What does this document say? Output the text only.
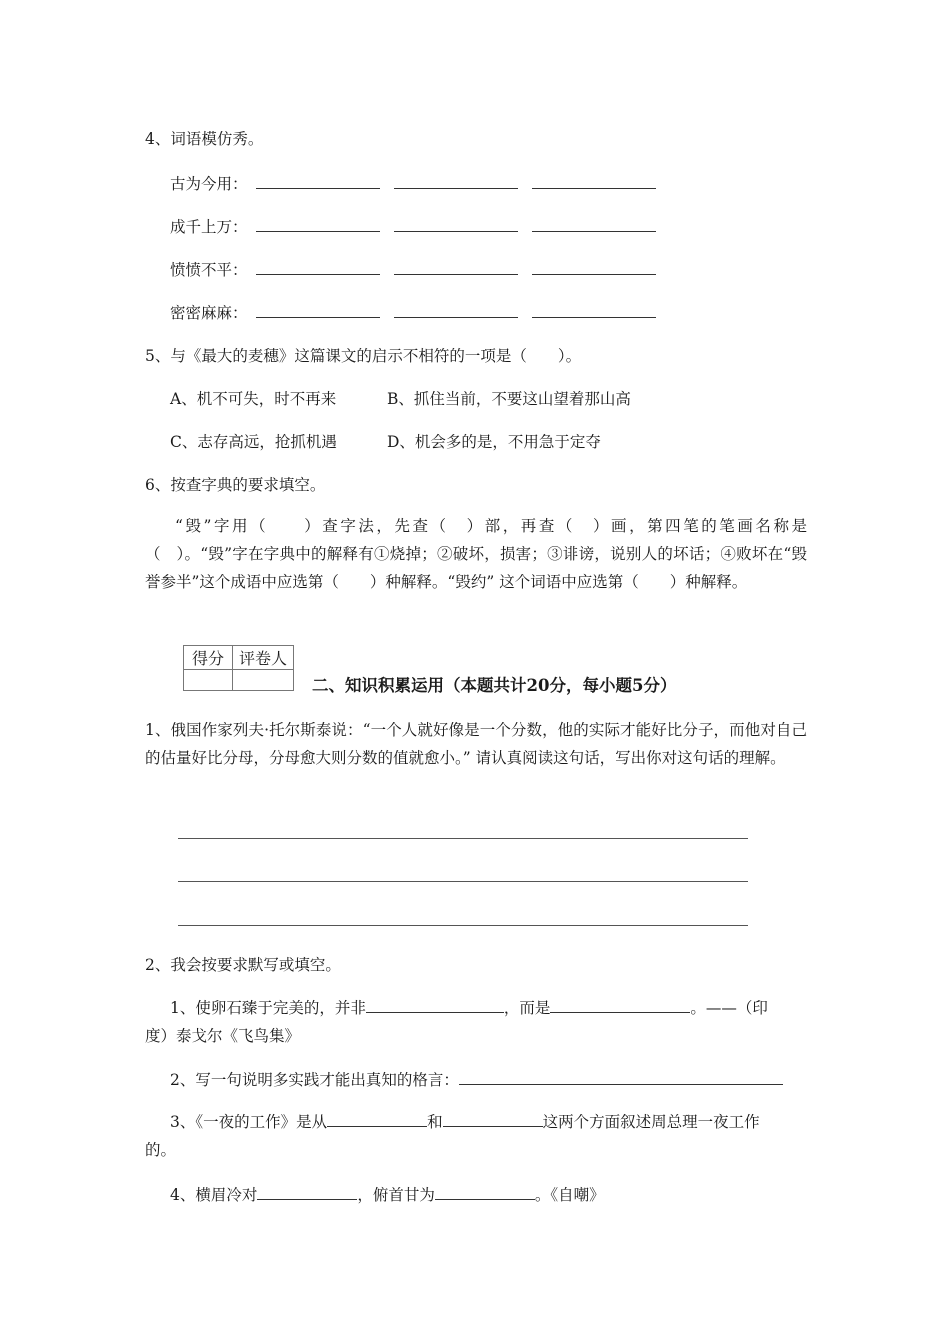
4、词语模仿秀。
古为今用：
成千上万：
愤愤不平：
密密麻麻：
5、与《最大的麦穗》这篇课文的启示不相符的一项是（　　）。
A、机不可失，时不再来	B、抓住当前，不要这山望着那山高
C、志存高远，抢抓机遇	D、机会多的是，不用急于定夺
6、按查字典的要求填空。
“毁”字用（　　）查字法，先查（　）部，再查（　）画，第四笔的笔画名称是（　）。“毁”字在字典中的解释有①烧掉；②破坏，损害；③诽谤，说别人的坏话；④败坏在“毁誉参半”这个成语中应选第（　　）种解释。“毁约” 这个词语中应选第（　　）种解释。
得分	评卷人

二、知识积累运用（本题共计20分，每小题5分）
1、俄国作家列夫·托尔斯泰说：“一个人就好像是一个分数，他的实际才能好比分子，而他对自己的估量好比分母，分母愈大则分数的值就愈小。” 请认真阅读这句话，写出你对这句话的理解。
2、我会按要求默写或填空。
1、使卵石臻于完美的，并非	，而是	。——（印
度）泰戈尔《飞鸟集》
2、写一句说明多实践才能出真知的格言：
3、《一夜的工作》是从	和	这两个方面叙述周总理一夜工作
的。
4、横眉冷对	，俯首甘为	。《自嘲》
